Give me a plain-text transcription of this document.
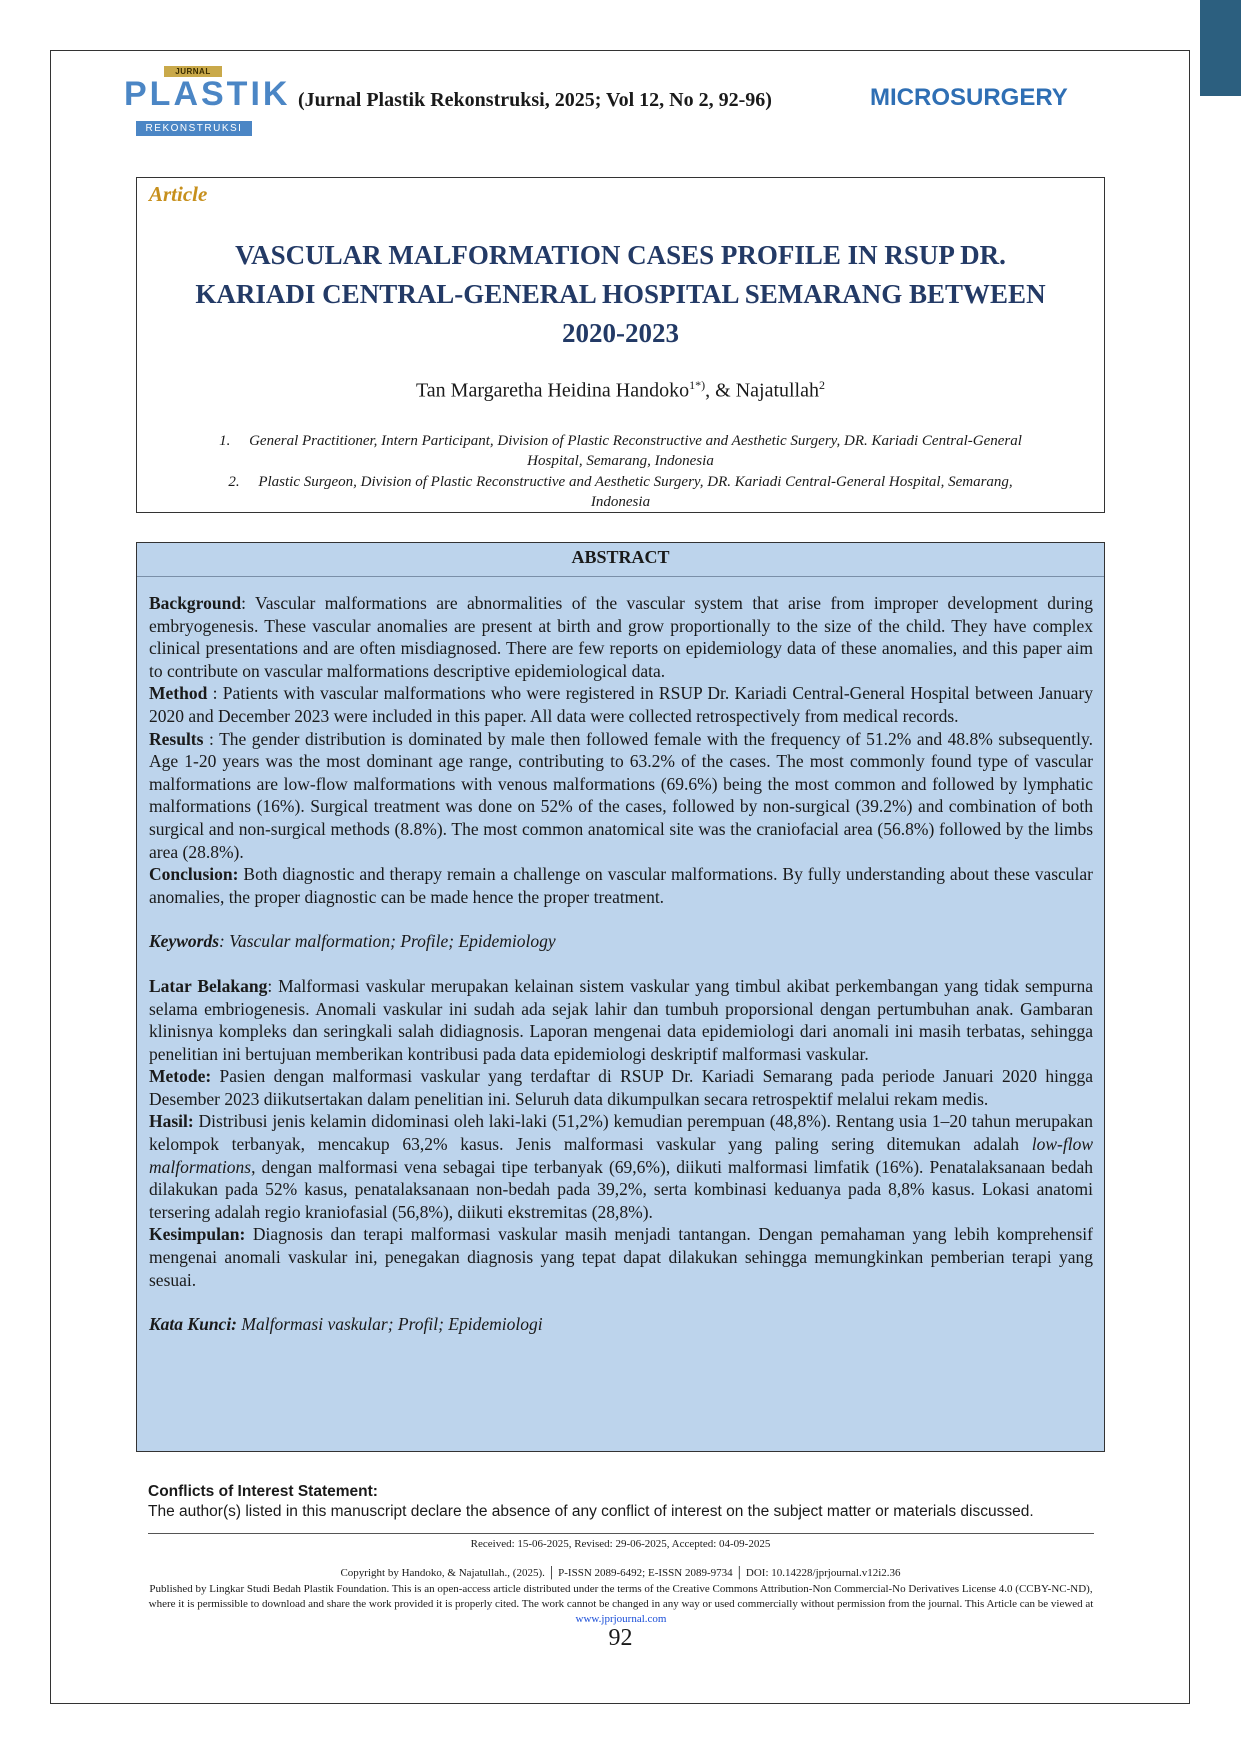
JURNAL
PLASTIK
REKONSTRUKSI
(Jurnal Plastik Rekonstruksi, 2025; Vol 12, No 2, 92-96)	MICROSURGERY
Article
VASCULAR MALFORMATION CASES PROFILE IN RSUP DR.
KARIADI CENTRAL-GENERAL HOSPITAL SEMARANG BETWEEN
2020-2023
Tan Margaretha Heidina Handoko$^{1*)}$, & Najatullah$^2$
1.     General Practitioner, Intern Participant, Division of Plastic Reconstructive and Aesthetic Surgery, DR. Kariadi Central-General
Hospital, Semarang, Indonesia
2.     Plastic Surgeon, Division of Plastic Reconstructive and Aesthetic Surgery, DR. Kariadi Central-General Hospital, Semarang,
Indonesia
ABSTRACT

Background: Vascular malformations are abnormalities of the vascular system that arise from improper development during embryogenesis. These vascular anomalies are present at birth and grow proportionally to the size of the child. They have complex clinical presentations and are often misdiagnosed. There are few reports on epidemiology data of these anomalies, and this paper aim to contribute on vascular malformations descriptive epidemiological data.

Method : Patients with vascular malformations who were registered in RSUP Dr. Kariadi Central-General Hospital between January 2020 and December 2023 were included in this paper. All data were collected retrospectively from medical records.

Results : The gender distribution is dominated by male then followed female with the frequency of 51.2% and 48.8% subsequently. Age 1-20 years was the most dominant age range, contributing to 63.2% of the cases. The most commonly found type of vascular malformations are low-flow malformations with venous malformations (69.6%) being the most common and followed by lymphatic malformations (16%). Surgical treatment was done on 52% of the cases, followed by non-surgical (39.2%) and combination of both surgical and non-surgical methods (8.8%). The most common anatomical site was the craniofacial area (56.8%) followed by the limbs area (28.8%).

Conclusion: Both diagnostic and therapy remain a challenge on vascular malformations. By fully understanding about these vascular anomalies, the proper diagnostic can be made hence the proper treatment.

Keywords: Vascular malformation; Profile; Epidemiology

Latar Belakang: Malformasi vaskular merupakan kelainan sistem vaskular yang timbul akibat perkembangan yang tidak sempurna selama embriogenesis. Anomali vaskular ini sudah ada sejak lahir dan tumbuh proporsional dengan pertumbuhan anak. Gambaran klinisnya kompleks dan seringkali salah didiagnosis. Laporan mengenai data epidemiologi dari anomali ini masih terbatas, sehingga penelitian ini bertujuan memberikan kontribusi pada data epidemiologi deskriptif malformasi vaskular.

Metode: Pasien dengan malformasi vaskular yang terdaftar di RSUP Dr. Kariadi Semarang pada periode Januari 2020 hingga Desember 2023 diikutsertakan dalam penelitian ini. Seluruh data dikumpulkan secara retrospektif melalui rekam medis.

Hasil: Distribusi jenis kelamin didominasi oleh laki-laki (51,2%) kemudian perempuan (48,8%). Rentang usia 1–20 tahun merupakan kelompok terbanyak, mencakup 63,2% kasus. Jenis malformasi vaskular yang paling sering ditemukan adalah low-flow malformations, dengan malformasi vena sebagai tipe terbanyak (69,6%), diikuti malformasi limfatik (16%). Penatalaksanaan bedah dilakukan pada 52% kasus, penatalaksanaan non-bedah pada 39,2%, serta kombinasi keduanya pada 8,8% kasus. Lokasi anatomi tersering adalah regio kraniofasial (56,8%), diikuti ekstremitas (28,8%).

Kesimpulan: Diagnosis dan terapi malformasi vaskular masih menjadi tantangan. Dengan pemahaman yang lebih komprehensif mengenai anomali vaskular ini, penegakan diagnosis yang tepat dapat dilakukan sehingga memungkinkan pemberian terapi yang sesuai.

Kata Kunci: Malformasi vaskular; Profil; Epidemiologi

Conflicts of Interest Statement:
The author(s) listed in this manuscript declare the absence of any conflict of interest on the subject matter or materials discussed.
Received: 15-06-2025, Revised: 29-06-2025, Accepted: 04-09-2025
Copyright by Handoko, & Najatullah., (2025). │ P-ISSN 2089-6492; E-ISSN 2089-9734 │ DOI: 10.14228/jprjournal.v12i2.36
Published by Lingkar Studi Bedah Plastik Foundation. This is an open-access article distributed under the terms of the Creative Commons Attribution-Non Commercial-No Derivatives License 4.0 (CCBY-NC-ND), where it is permissible to download and share the work provided it is properly cited. The work cannot be changed in any way or used commercially without permission from the journal. This Article can be viewed at www.jprjournal.com
92
